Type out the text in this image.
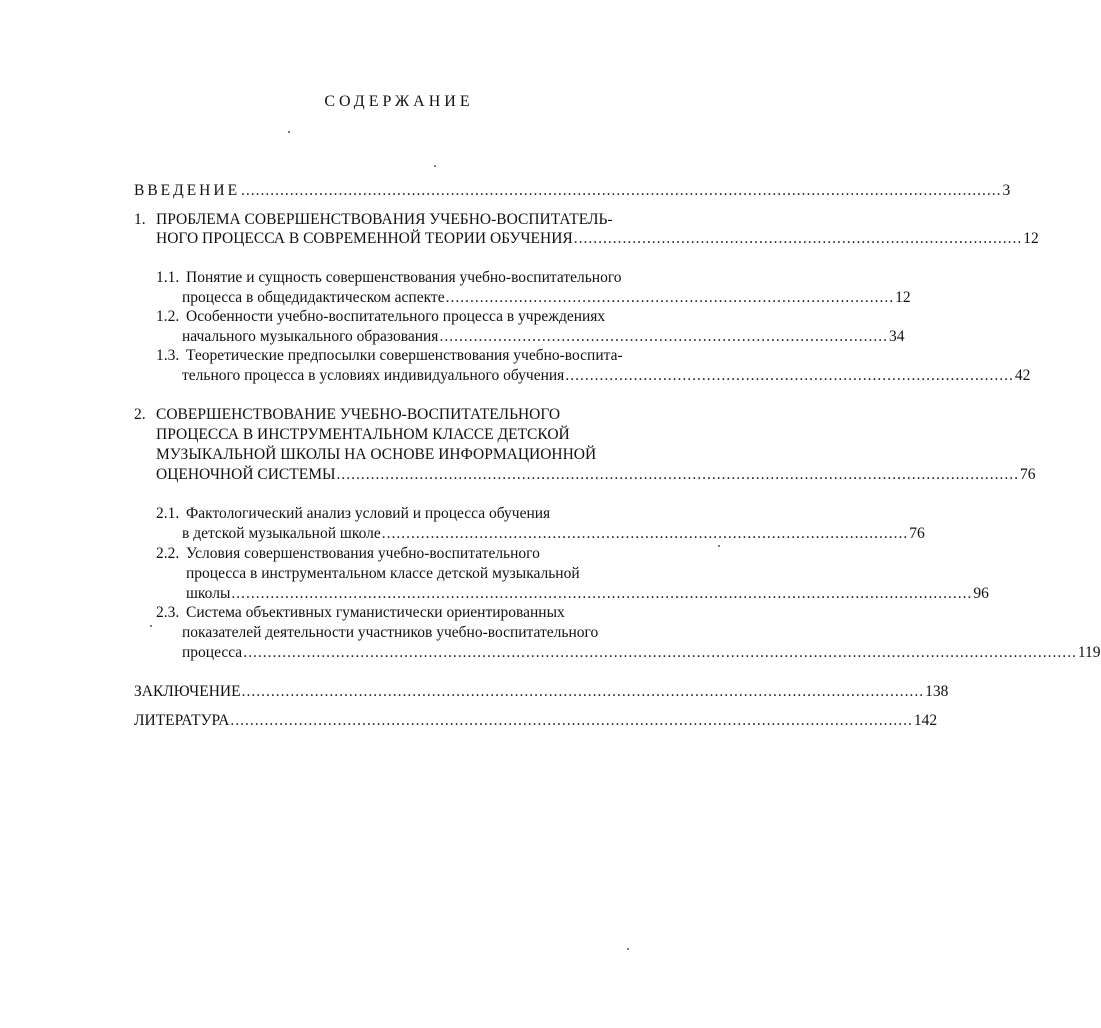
СОДЕРЖАНИЕ
ВВЕДЕНИЕ ............................................................................................................................................................ 3
1. ПРОБЛЕМА СОВЕРШЕНСТВОВАНИЯ УЧЕБНО-ВОСПИТАТЕЛЬ-
НОГО ПРОЦЕССА В СОВРЕМЕННОЙ ТЕОРИИ ОБУЧЕНИЯ ............................................................................................ 12
1.1. Понятие и сущность совершенствования учебно-воспитательного
процесса в общедидактическом аспекте ............................................................................................ 12
1.2. Особенности учебно-воспитательного процесса в учреждениях
начального музыкального образования ............................................................................................ 34
1.3. Теоретические предпосылки совершенствования учебно-воспита-
тельного процесса в условиях индивидуального обучения ............................................................................................ 42
2. СОВЕРШЕНСТВОВАНИЕ УЧЕБНО-ВОСПИТАТЕЛЬНОГО
ПРОЦЕССА В ИНСТРУМЕНТАЛЬНОМ КЛАССЕ ДЕТСКОЙ
МУЗЫКАЛЬНОЙ ШКОЛЫ НА ОСНОВЕ ИНФОРМАЦИОННОЙ
ОЦЕНОЧНОЙ СИСТЕМЫ ............................................................................................................................................ 76
2.1. Фактологический анализ условий и процесса обучения
в детской музыкальной школе ............................................................................................................ 76
2.2. Условия совершенствования учебно-воспитательного
процесса в инструментальном классе детской музыкальной
школы ........................................................................................................................................................ 96
2.3. Система объективных гуманистически ориентированных
показателей деятельности участников учебно-воспитательного
процесса ........................................................................................................................................................................... 119
ЗАКЛЮЧЕНИЕ ............................................................................................................................................ 138
ЛИТЕРАТУРА ............................................................................................................................................ 142
